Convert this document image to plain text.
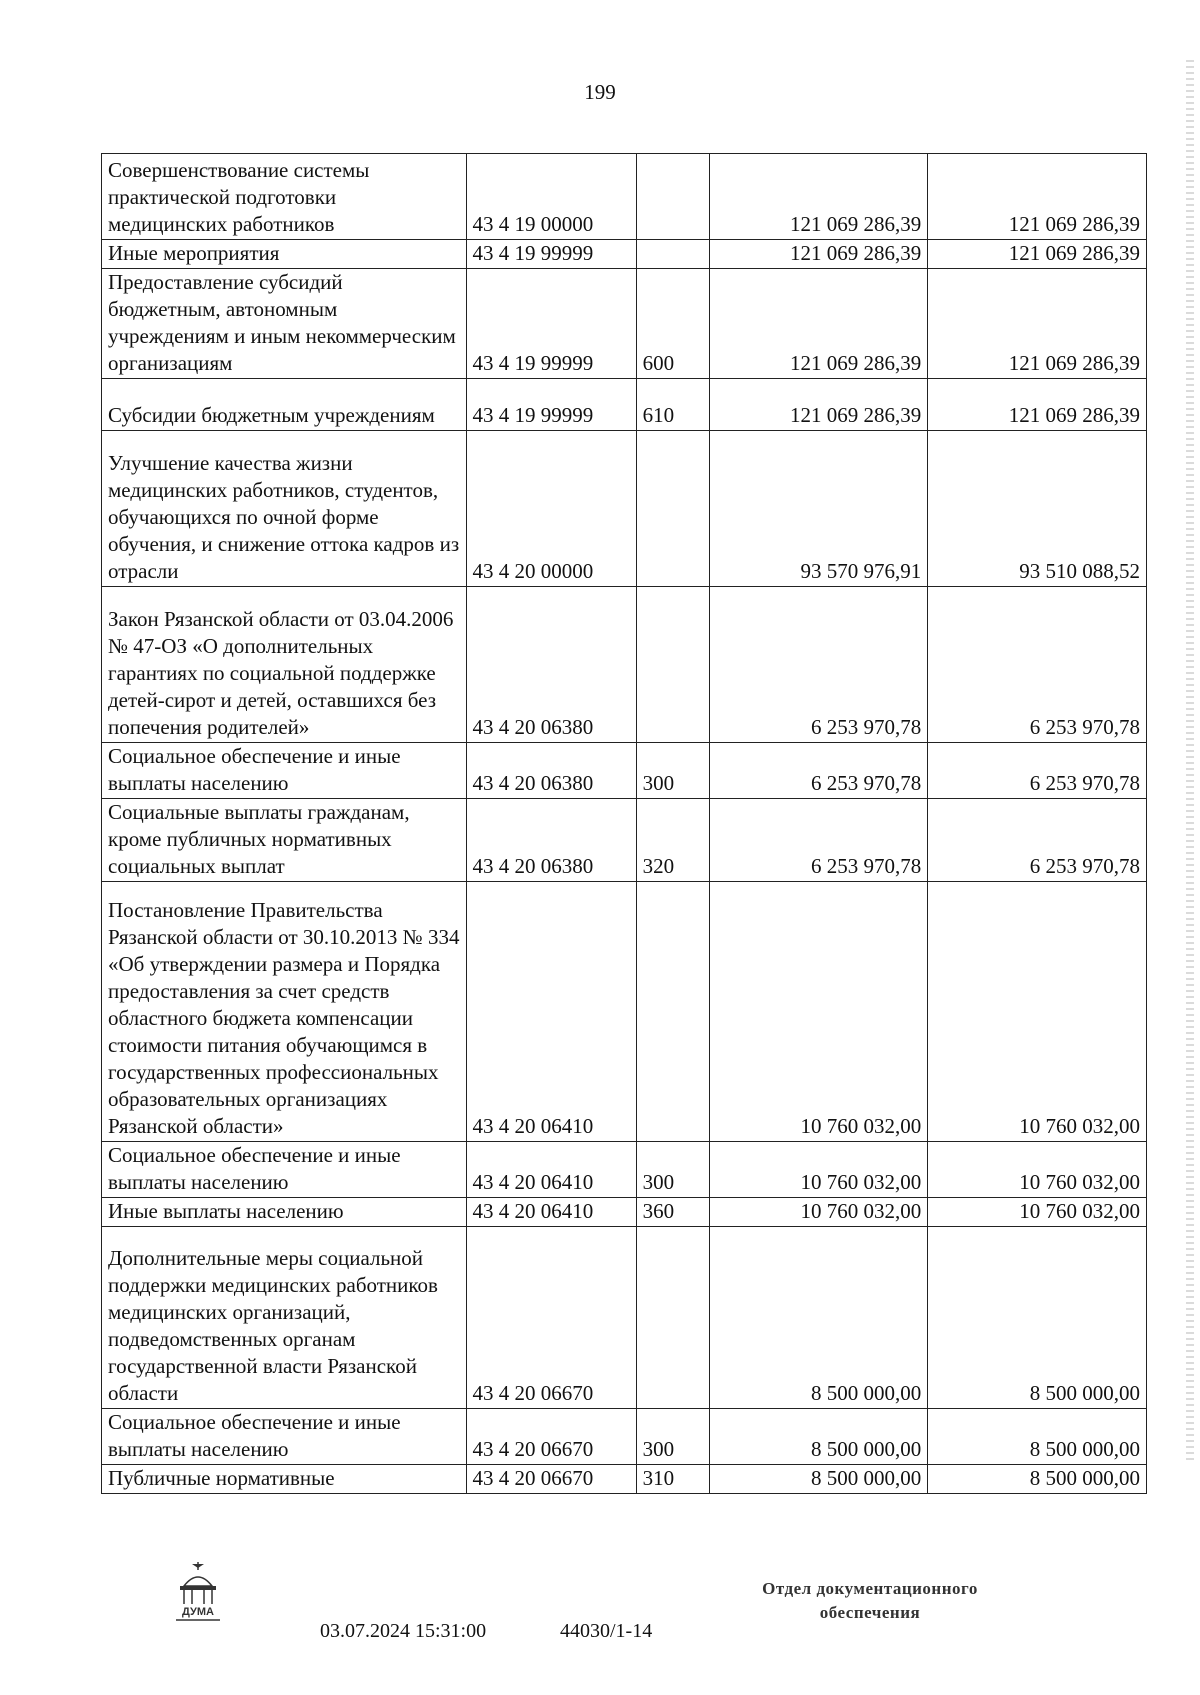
199
Совершенствование системы практической подготовки медицинских работников	43 4 19 00000		121 069 286,39	121 069 286,39
Иные мероприятия	43 4 19 99999		121 069 286,39	121 069 286,39
Предоставление субсидий бюджетным, автономным учреждениям и иным некоммерческим организациям	43 4 19 99999	600	121 069 286,39	121 069 286,39
Субсидии бюджетным учреждениям	43 4 19 99999	610	121 069 286,39	121 069 286,39
Улучшение качества жизни медицинских работников, студентов, обучающихся по очной форме обучения, и снижение оттока кадров из отрасли	43 4 20 00000		93 570 976,91	93 510 088,52
Закон Рязанской области от 03.04.2006 № 47-ОЗ «О дополнительных гарантиях по социальной поддержке детей-сирот и детей, оставшихся без попечения родителей»	43 4 20 06380		6 253 970,78	6 253 970,78
Социальное обеспечение и иные выплаты населению	43 4 20 06380	300	6 253 970,78	6 253 970,78
Социальные выплаты гражданам, кроме публичных нормативных социальных выплат	43 4 20 06380	320	6 253 970,78	6 253 970,78
Постановление Правительства Рязанской области от 30.10.2013 № 334 «Об утверждении размера и Порядка предоставления за счет средств областного бюджета компенсации стоимости питания обучающимся в государственных профессиональных образовательных организациях Рязанской области»	43 4 20 06410		10 760 032,00	10 760 032,00
Социальное обеспечение и иные выплаты населению	43 4 20 06410	300	10 760 032,00	10 760 032,00
Иные выплаты населению	43 4 20 06410	360	10 760 032,00	10 760 032,00
Дополнительные меры социальной поддержки медицинских работников медицинских организаций, подведомственных органам государственной власти Рязанской области	43 4 20 06670		8 500 000,00	8 500 000,00
Социальное обеспечение и иные выплаты населению	43 4 20 06670	300	8 500 000,00	8 500 000,00
Публичные нормативные	43 4 20 06670	310	8 500 000,00	8 500 000,00
ДУМА
03.07.2024 15:31:00	44030/1-14
Отдел документационного
обеспечения
